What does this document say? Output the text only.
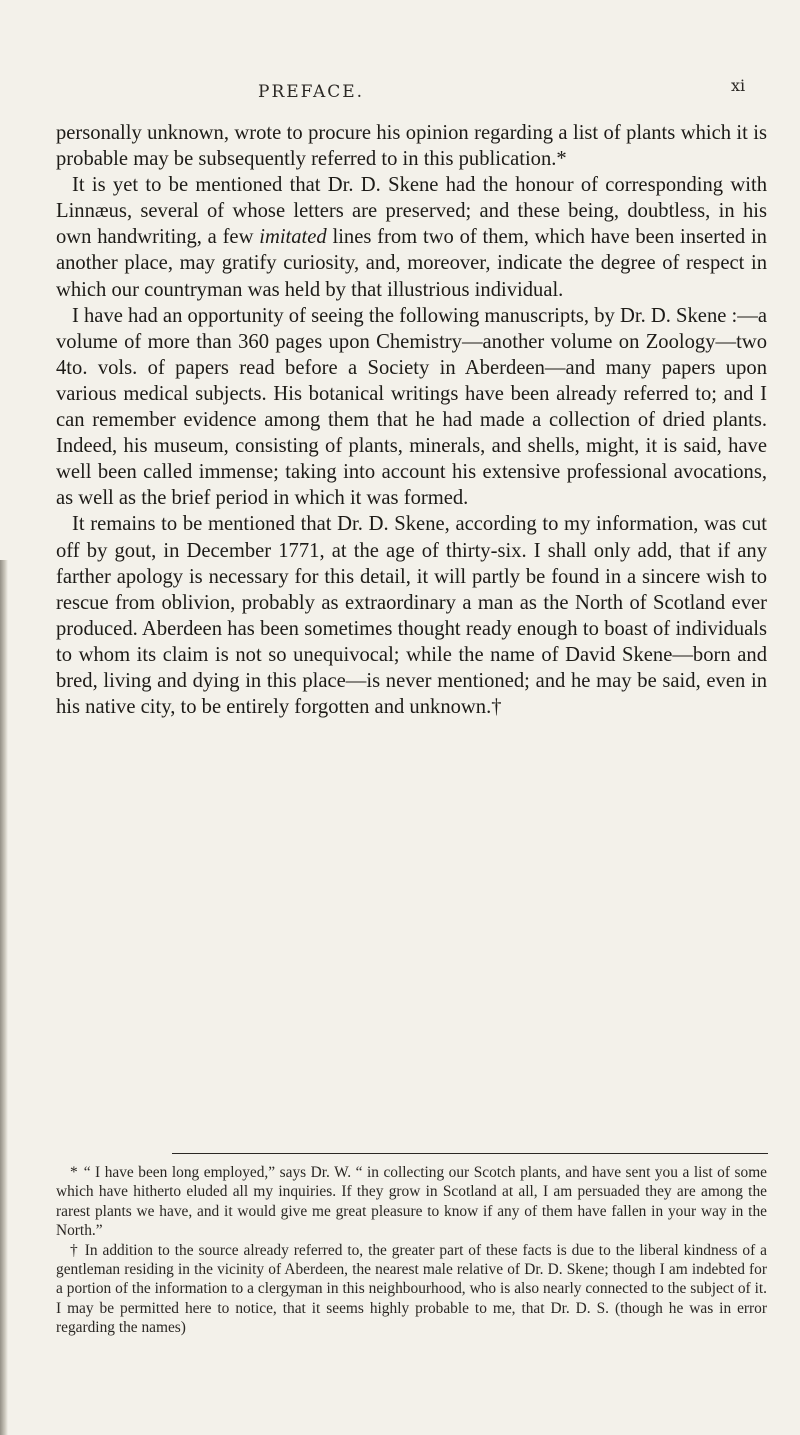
PREFACE.	xi

personally unknown, wrote to procure his opinion regarding a list of plants which it is probable may be subsequently referred to in this publication.*

It is yet to be mentioned that Dr. D. Skene had the honour of corresponding with Linnæus, several of whose letters are preserved; and these being, doubtless, in his own handwriting, a few imitated lines from two of them, which have been inserted in another place, may gratify curiosity, and, moreover, indicate the degree of respect in which our countryman was held by that illustrious individual.

I have had an opportunity of seeing the following manuscripts, by Dr. D. Skene :—a volume of more than 360 pages upon Chemistry—another volume on Zoology—two 4to. vols. of papers read before a Society in Aberdeen—and many papers upon various medical subjects. His botanical writings have been already referred to; and I can remember evidence among them that he had made a collection of dried plants. Indeed, his museum, consisting of plants, minerals, and shells, might, it is said, have well been called immense; taking into account his extensive professional avocations, as well as the brief period in which it was formed.

It remains to be mentioned that Dr. D. Skene, according to my information, was cut off by gout, in December 1771, at the age of thirty-six. I shall only add, that if any farther apology is necessary for this detail, it will partly be found in a sincere wish to rescue from oblivion, probably as extraordinary a man as the North of Scotland ever produced. Aberdeen has been sometimes thought ready enough to boast of individuals to whom its claim is not so unequivocal; while the name of David Skene—born and bred, living and dying in this place—is never mentioned; and he may be said, even in his native city, to be entirely forgotten and unknown.†

* “ I have been long employed,” says Dr. W. “ in collecting our Scotch plants, and have sent you a list of some which have hitherto eluded all my inquiries. If they grow in Scotland at all, I am persuaded they are among the rarest plants we have, and it would give me great pleasure to know if any of them have fallen in your way in the North.”

† In addition to the source already referred to, the greater part of these facts is due to the liberal kindness of a gentleman residing in the vicinity of Aberdeen, the nearest male relative of Dr. D. Skene; though I am indebted for a portion of the information to a clergyman in this neighbourhood, who is also nearly connected to the subject of it. I may be permitted here to notice, that it seems highly probable to me, that Dr. D. S. (though he was in error regarding the names)
